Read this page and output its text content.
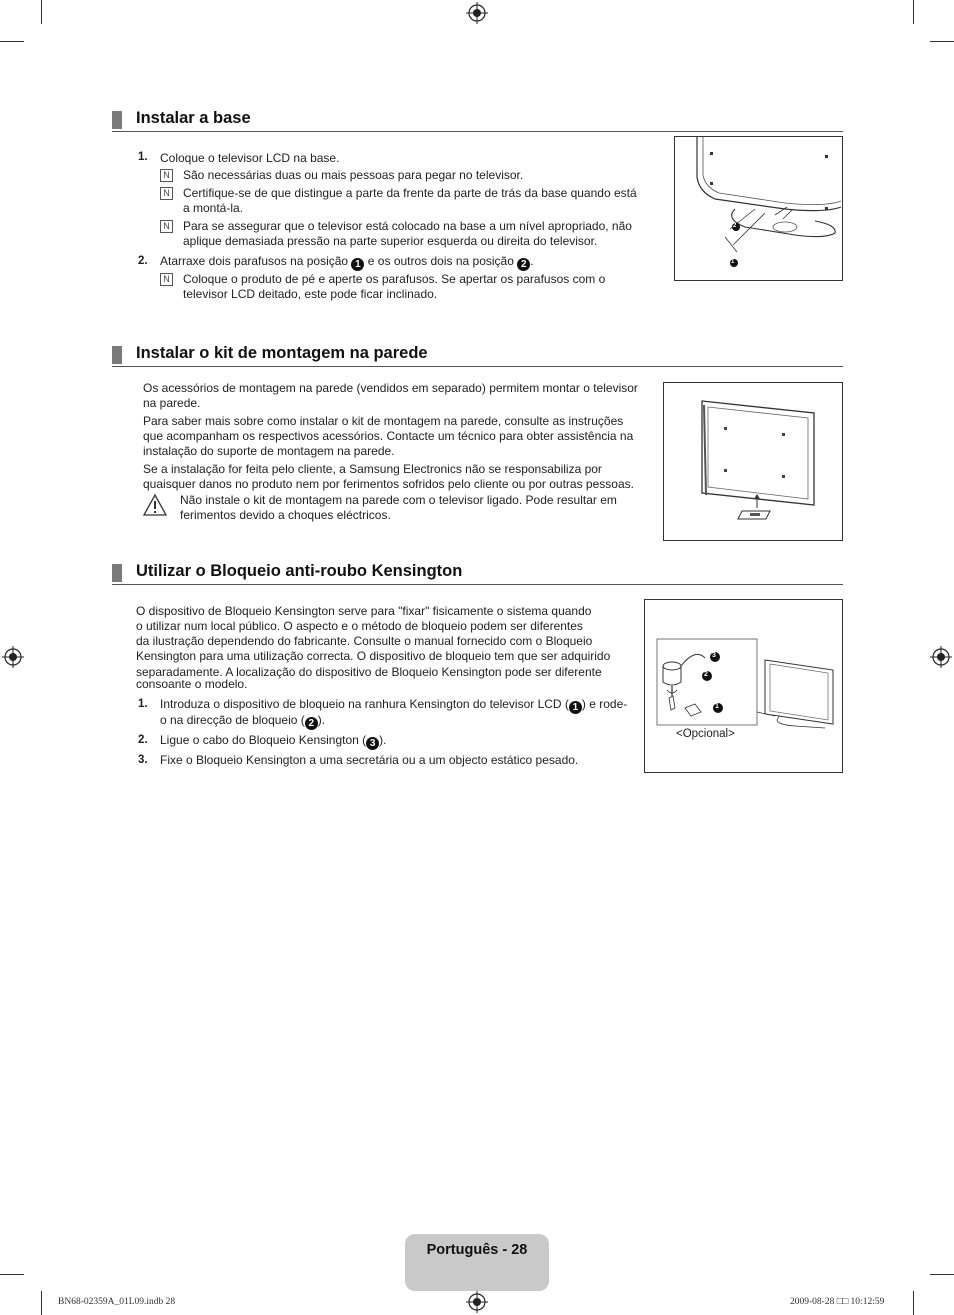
Instalar a base
1. Coloque o televisor LCD na base.
N São necessárias duas ou mais pessoas para pegar no televisor.
N Certifique-se de que distingue a parte da frente da parte de trás da base quando está
a montá-la.
N Para se assegurar que o televisor está colocado na base a um nível apropriado, não
aplique demasiada pressão na parte superior esquerda ou direita do televisor.
2. Atarraxe dois parafusos na posição 1 e os outros dois na posição 2 .
N Coloque o produto de pé e aperte os parafusos. Se apertar os parafusos com o
televisor LCD deitado, este pode ficar inclinado.
2
1
Instalar o kit de montagem na parede
Os acessórios de montagem na parede (vendidos em separado) permitem montar o televisor
na parede.
Para saber mais sobre como instalar o kit de montagem na parede, consulte as instruções
que acompanham os respectivos acessórios. Contacte um técnico para obter assistência na
instalação do suporte de montagem na parede.
Se a instalação for feita pelo cliente, a Samsung Electronics não se responsabiliza por
quaisquer danos no produto nem por ferimentos sofridos pelo cliente ou por outras pessoas.
Não instale o kit de montagem na parede com o televisor ligado. Pode resultar em
ferimentos devido a choques eléctricos.
Utilizar o Bloqueio anti-roubo Kensington
O dispositivo de Bloqueio Kensington serve para "fixar" fisicamente o sistema quando
o utilizar num local público. O aspecto e o método de bloqueio podem ser diferentes
da ilustração dependendo do fabricante. Consulte o manual fornecido com o Bloqueio
Kensington para uma utilização correcta. O dispositivo de bloqueio tem que ser adquirido
separadamente. A localização do dispositivo de Bloqueio Kensington pode ser diferente
consoante o modelo.
1. Introduza o dispositivo de bloqueio na ranhura Kensington do televisor LCD ( 1 ) e rode-
o na direcção de bloqueio ( 2 ).
2. Ligue o cabo do Bloqueio Kensington ( 3 ).
3. Fixe o Bloqueio Kensington a uma secretária ou a um objecto estático pesado.
3
2
1
<Opcional>
Português - 28
BN68-02359A_01L09.indb 28	2009-08-28 □□ 10:12:59
